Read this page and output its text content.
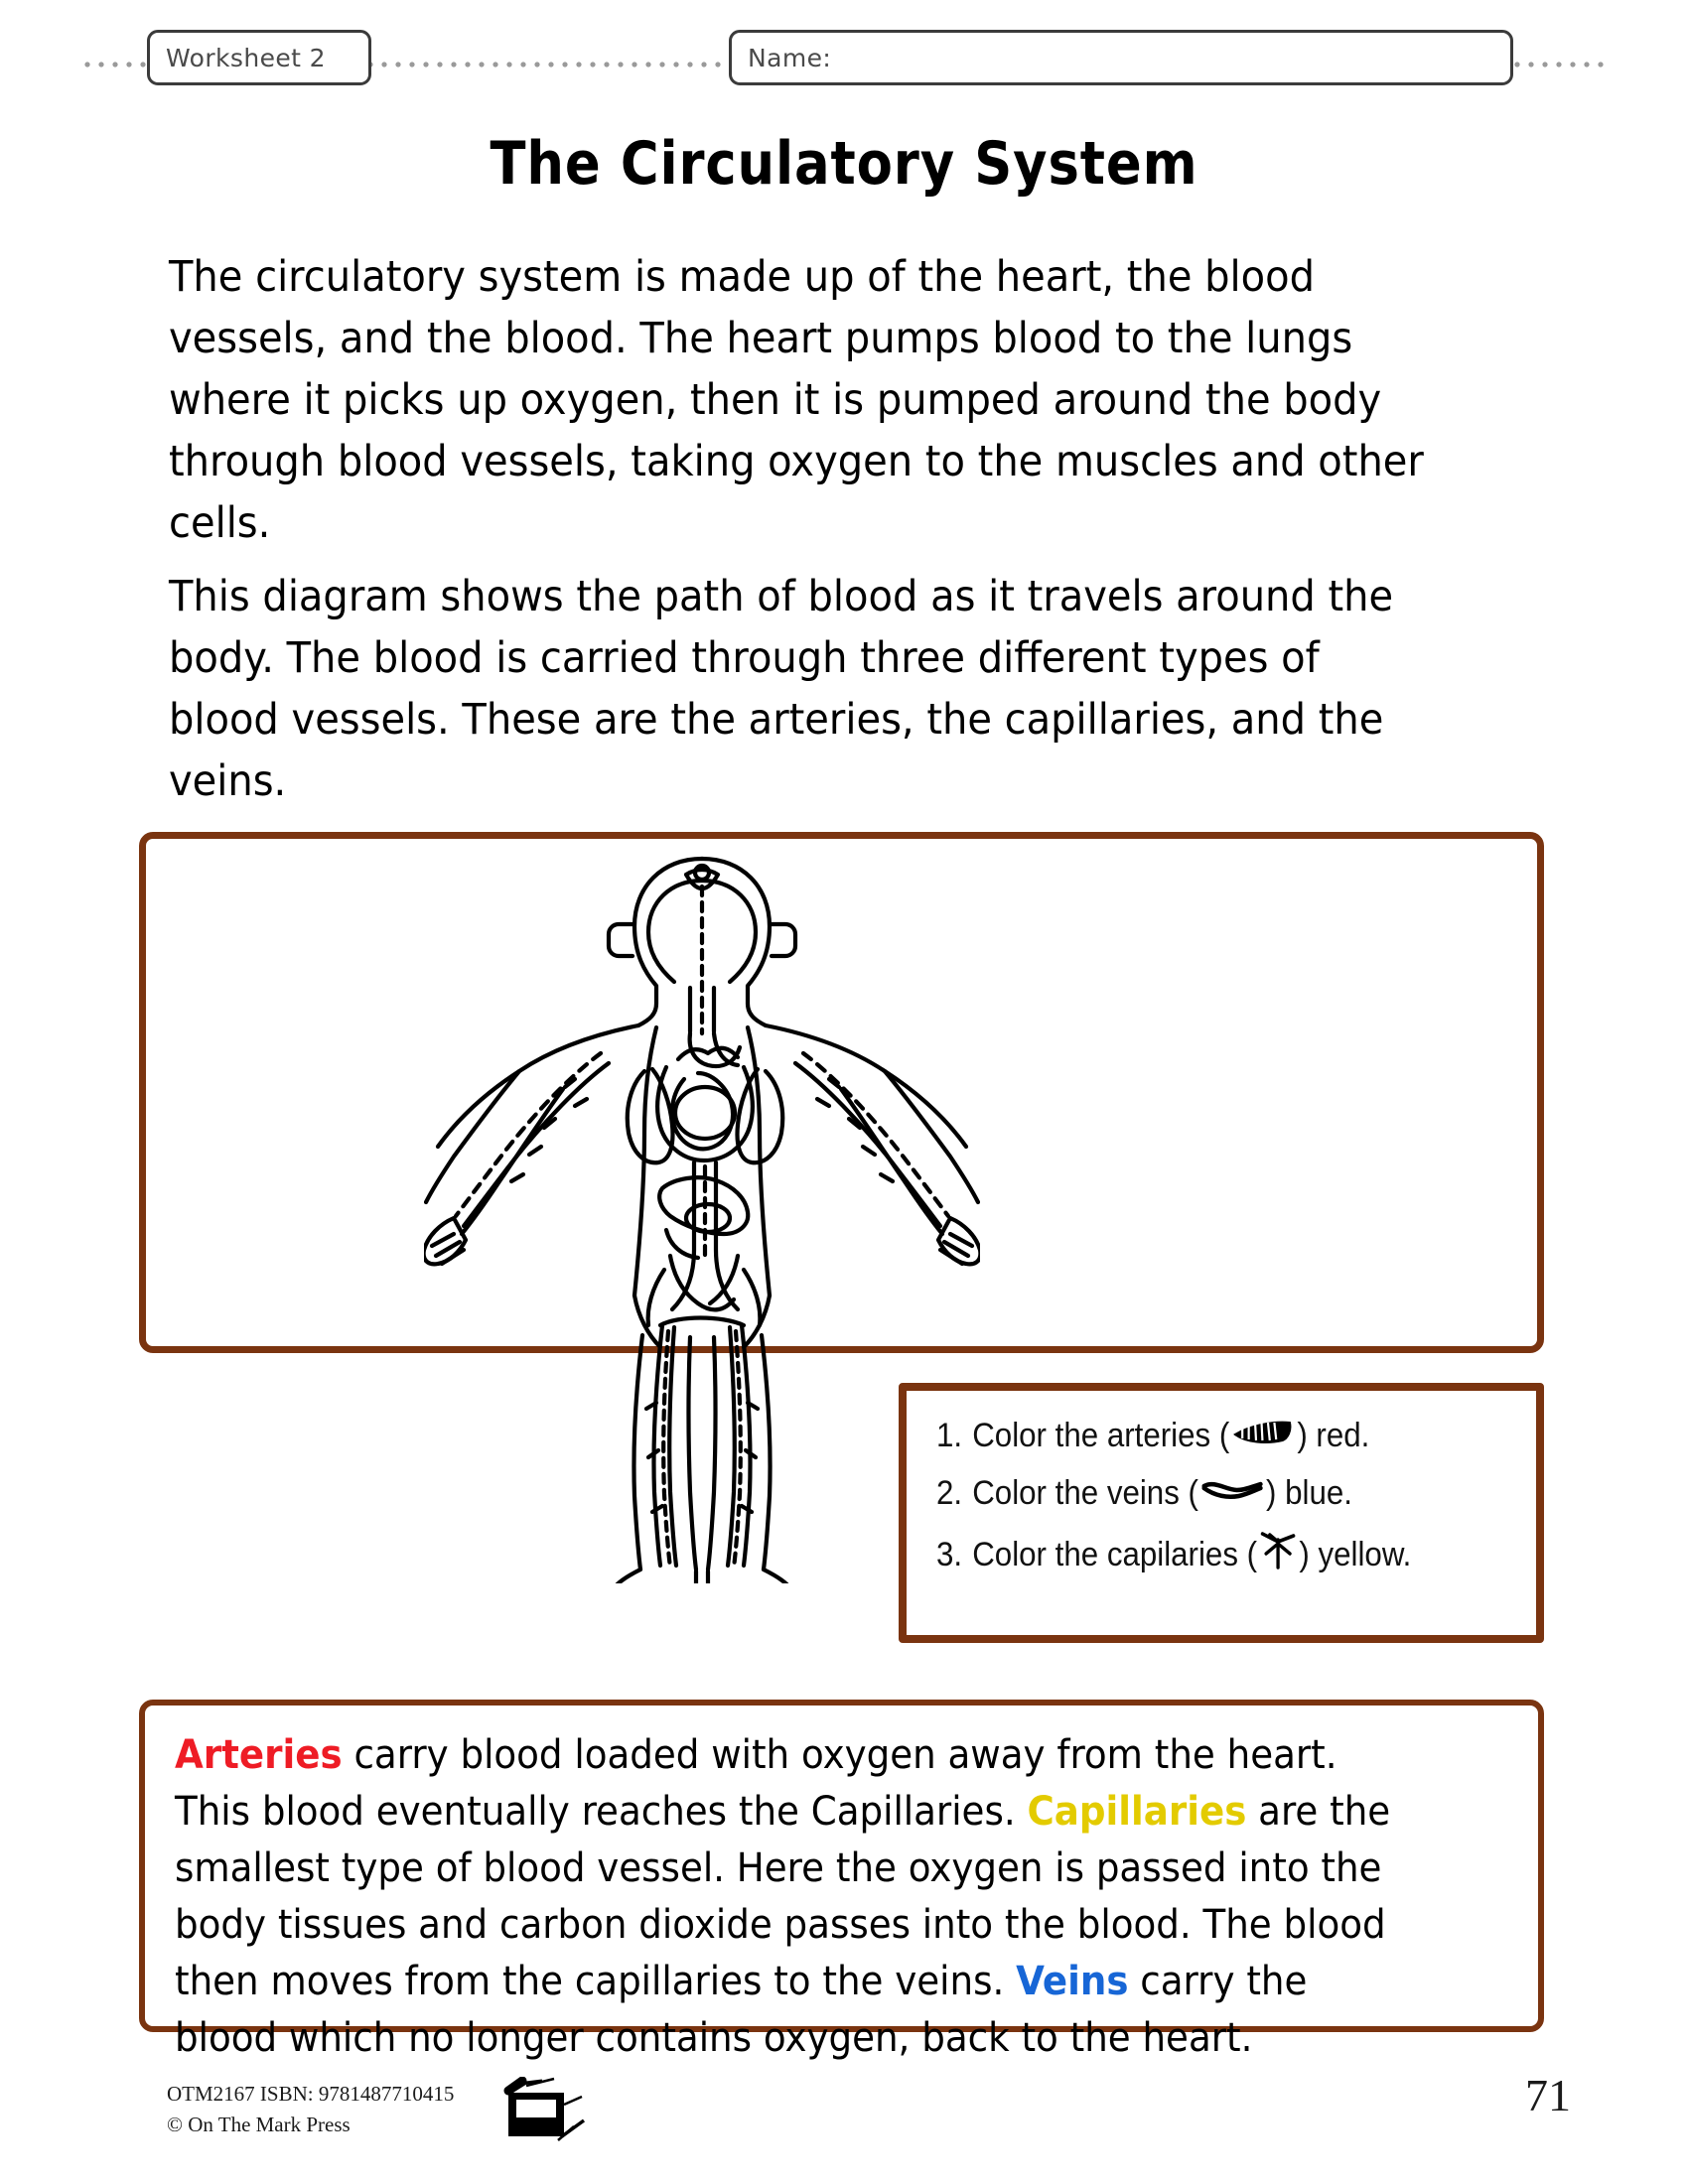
Worksheet 2	Name:
The Circulatory System
The circulatory system is made up of the heart, the blood vessels, and the blood. The heart pumps blood to the lungs where it picks up oxygen, then it is pumped around the body through blood vessels, taking oxygen to the muscles and other cells.
This diagram shows the path of blood as it travels around the body. The blood is carried through three different types of blood vessels. These are the arteries, the capillaries, and the veins.
1. Color the arteries ( ) red.
2. Color the veins ( ) blue.
3. Color the capilaries ( ) yellow.
Arteries carry blood loaded with oxygen away from the heart. This blood eventually reaches the Capillaries. Capillaries are the smallest type of blood vessel. Here the oxygen is passed into the body tissues and carbon dioxide passes into the blood. The blood then moves from the capillaries to the veins. Veins carry the blood which no longer contains oxygen, back to the heart.
OTM2167 ISBN: 9781487710415
© On The Mark Press
71
